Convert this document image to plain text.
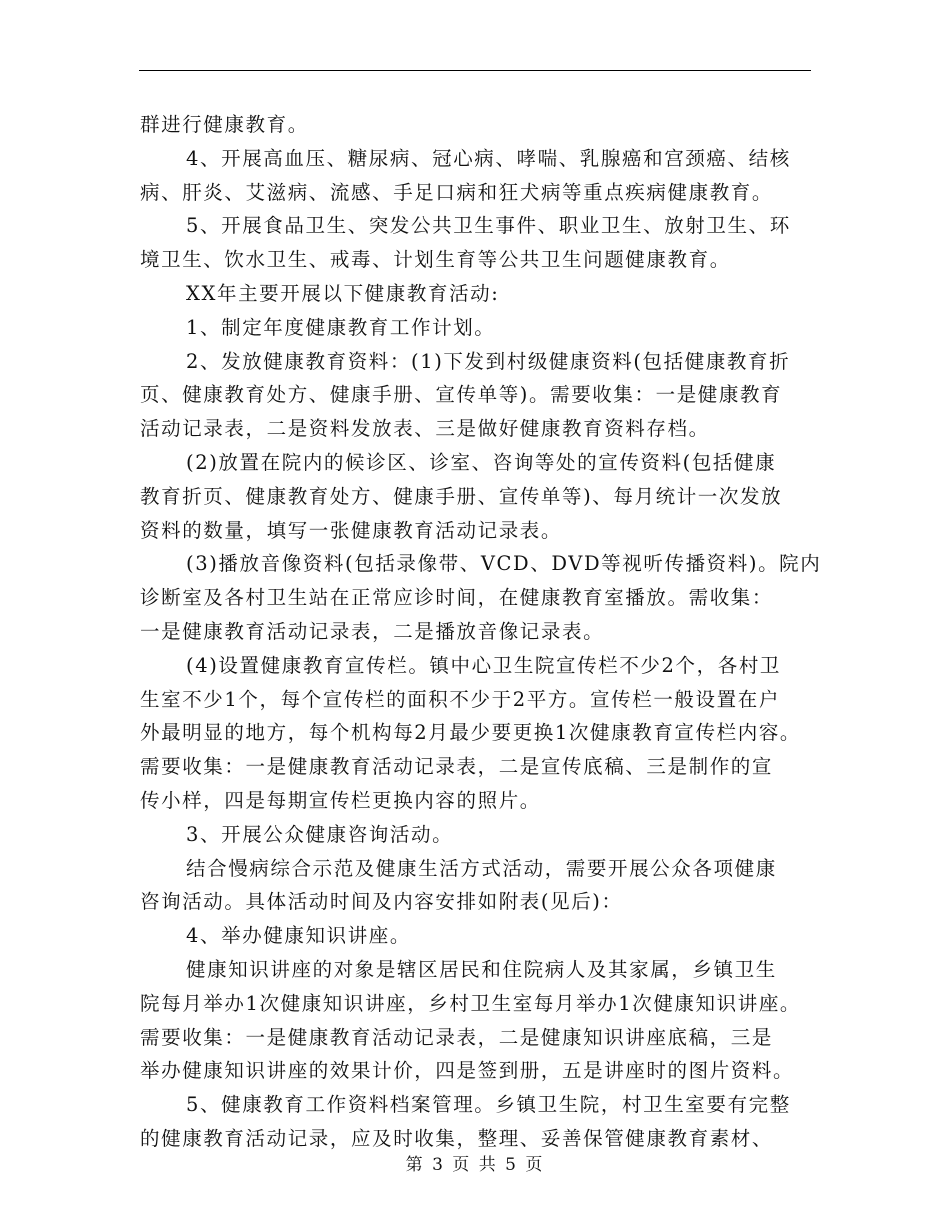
群进行健康教育。
4、开展高血压、糖尿病、冠心病、哮喘、乳腺癌和宫颈癌、结核
病、肝炎、艾滋病、流感、手足口病和狂犬病等重点疾病健康教育。
5、开展食品卫生、突发公共卫生事件、职业卫生、放射卫生、环
境卫生、饮水卫生、戒毒、计划生育等公共卫生问题健康教育。
XX年主要开展以下健康教育活动:
1、制定年度健康教育工作计划。
2、发放健康教育资料：(1)下发到村级健康资料(包括健康教育折
页、健康教育处方、健康手册、宣传单等)。需要收集：一是健康教育
活动记录表，二是资料发放表、三是做好健康教育资料存档。
(2)放置在院内的候诊区、诊室、咨询等处的宣传资料(包括健康
教育折页、健康教育处方、健康手册、宣传单等)、每月统计一次发放
资料的数量，填写一张健康教育活动记录表。
(3)播放音像资料(包括录像带、VCD、DVD等视听传播资料)。院内
诊断室及各村卫生站在正常应诊时间，在健康教育室播放。需收集：
一是健康教育活动记录表，二是播放音像记录表。
(4)设置健康教育宣传栏。镇中心卫生院宣传栏不少2个，各村卫
生室不少1个，每个宣传栏的面积不少于2平方。宣传栏一般设置在户
外最明显的地方，每个机构每2月最少要更换1次健康教育宣传栏内容。
需要收集：一是健康教育活动记录表，二是宣传底稿、三是制作的宣
传小样，四是每期宣传栏更换内容的照片。
3、开展公众健康咨询活动。
结合慢病综合示范及健康生活方式活动，需要开展公众各项健康
咨询活动。具体活动时间及内容安排如附表(见后)：
4、举办健康知识讲座。
健康知识讲座的对象是辖区居民和住院病人及其家属，乡镇卫生
院每月举办1次健康知识讲座，乡村卫生室每月举办1次健康知识讲座。
需要收集：一是健康教育活动记录表，二是健康知识讲座底稿，三是
举办健康知识讲座的效果计价，四是签到册，五是讲座时的图片资料。
5、健康教育工作资料档案管理。乡镇卫生院，村卫生室要有完整
的健康教育活动记录，应及时收集，整理、妥善保管健康教育素材、
第 3 页 共 5 页
